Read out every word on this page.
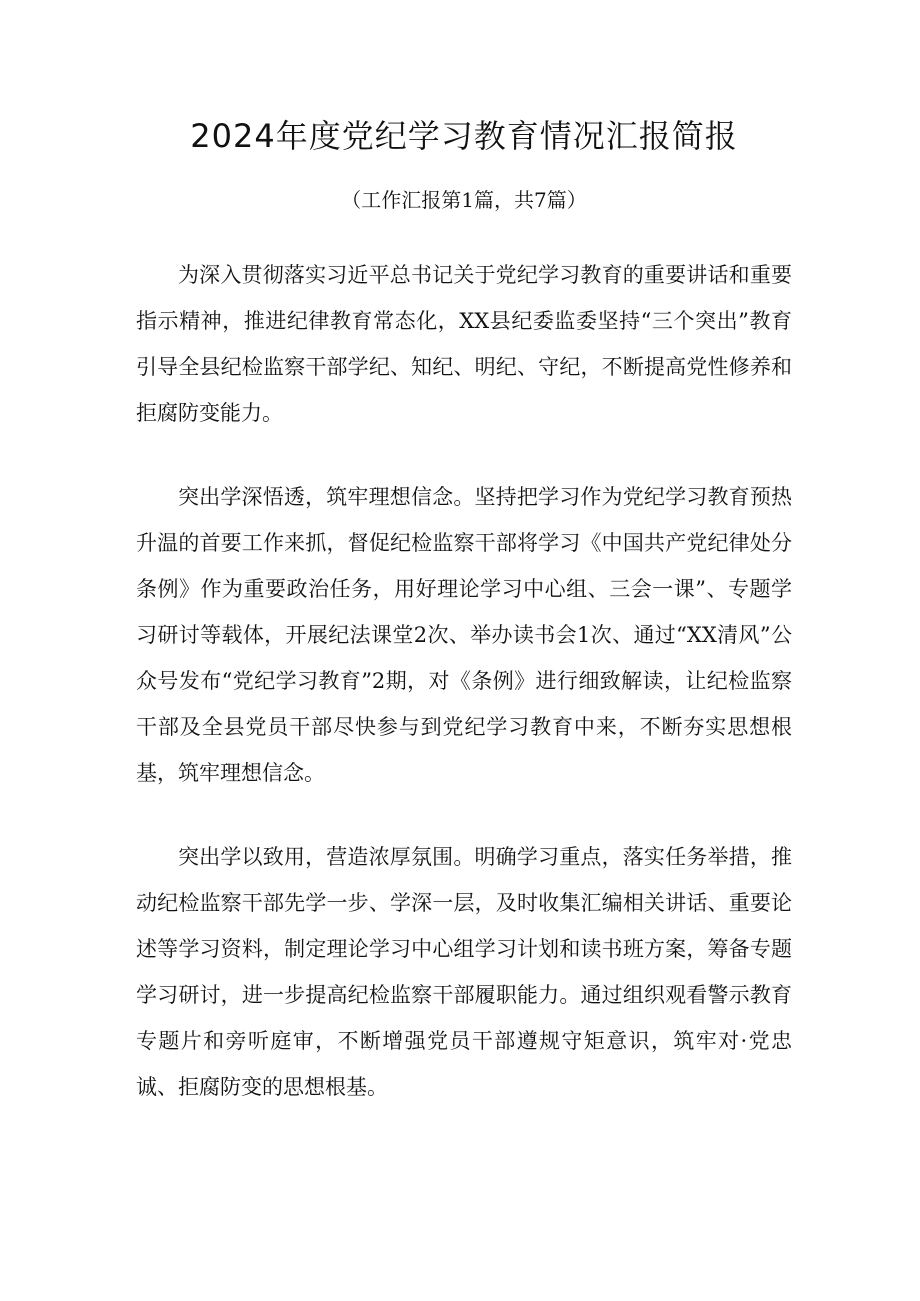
2024年度党纪学习教育情况汇报简报
（工作汇报第1篇，共7篇）

为深入贯彻落实习近平总书记关于党纪学习教育的重要讲话和重要指示精神，推进纪律教育常态化，XX县纪委监委坚持“三个突出”教育引导全县纪检监察干部学纪、知纪、明纪、守纪，不断提高党性修养和拒腐防变能力。

突出学深悟透，筑牢理想信念。坚持把学习作为党纪学习教育预热升温的首要工作来抓，督促纪检监察干部将学习《中国共产党纪律处分条例》作为重要政治任务，用好理论学习中心组、三会一课”、专题学习研讨等载体，开展纪法课堂2次、举办读书会1次、通过“XX清风”公众号发布“党纪学习教育”2期，对《条例》进行细致解读，让纪检监察干部及全县党员干部尽快参与到党纪学习教育中来，不断夯实思想根基，筑牢理想信念。

突出学以致用，营造浓厚氛围。明确学习重点，落实任务举措，推动纪检监察干部先学一步、学深一层，及时收集汇编相关讲话、重要论述等学习资料，制定理论学习中心组学习计划和读书班方案，筹备专题学习研讨，进一步提高纪检监察干部履职能力。通过组织观看警示教育专题片和旁听庭审，不断增强党员干部遵规守矩意识，筑牢对·党忠诚、拒腐防变的思想根基。
